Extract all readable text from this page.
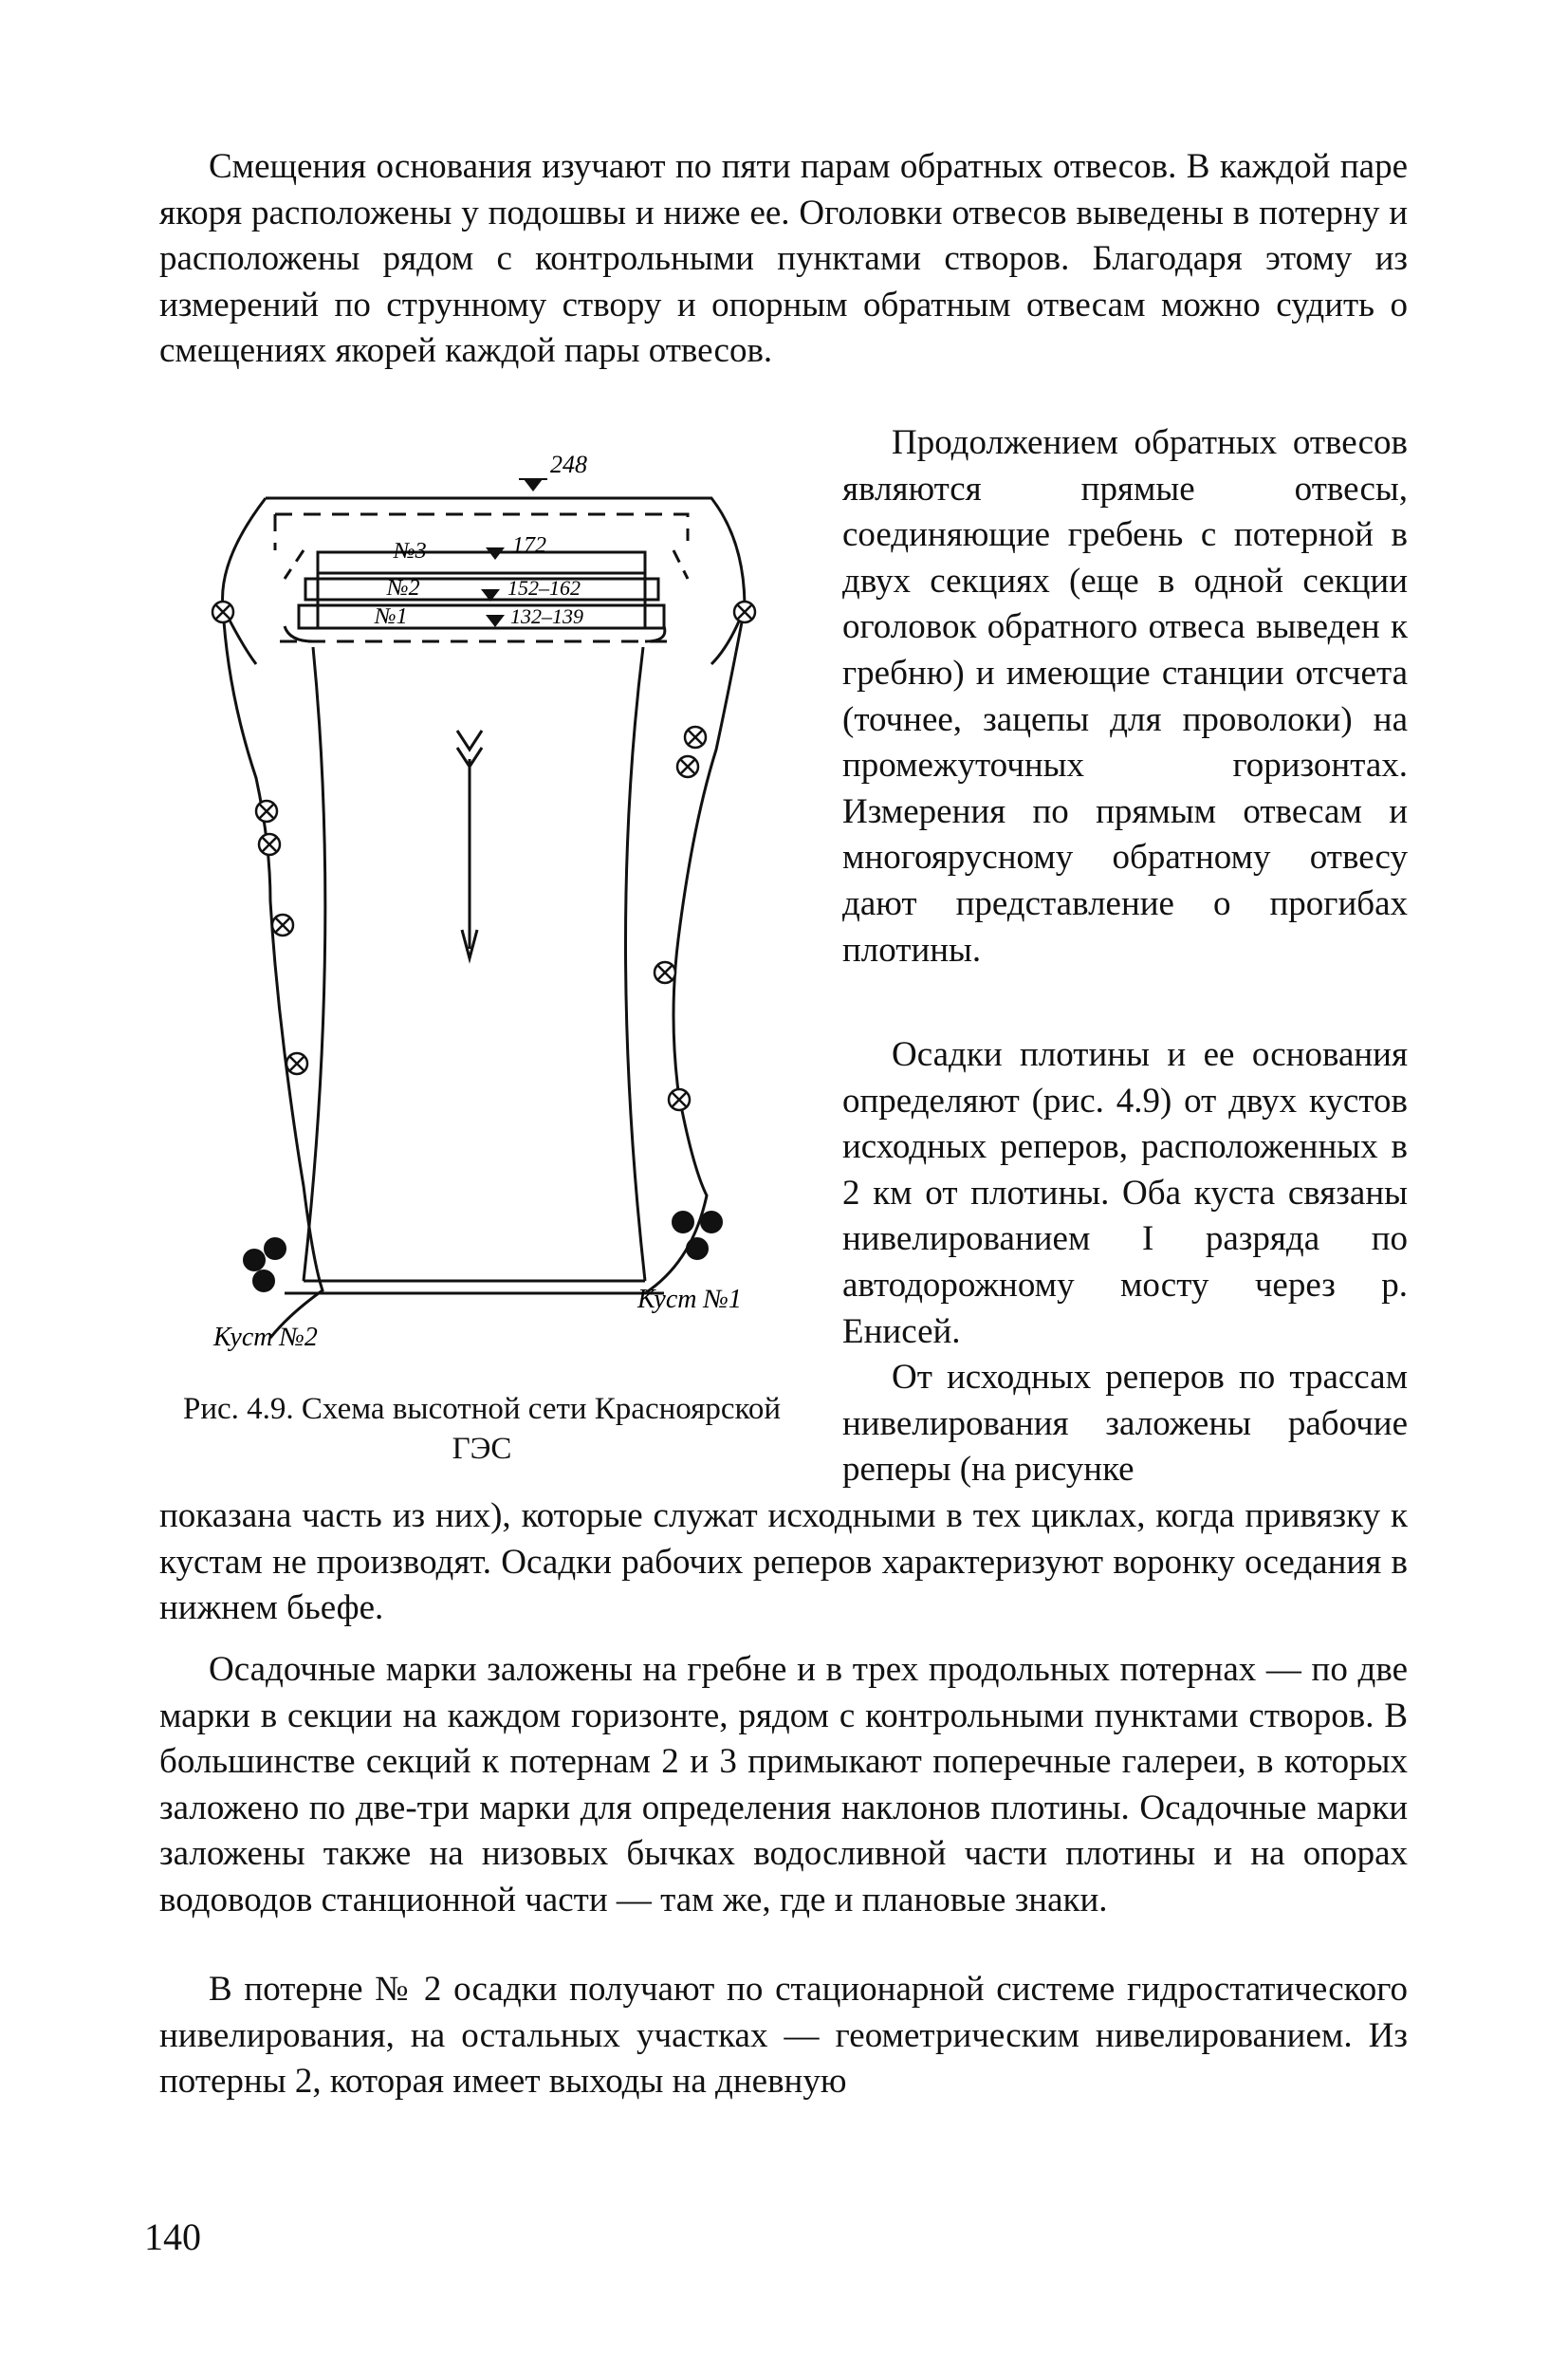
Смещения основания изучают по пяти парам обратных отвесов. В каждой паре якоря расположены у подошвы и ниже ее. Оголовки отвесов выведены в потерну и расположены рядом с контрольными пунктами створов. Благодаря этому из измерений по струнному створу и опорным обратным отвесам можно судить о смещениях якорей каждой пары отвесов.

248
№3	172
№2	152–162
№1	132–139
Куст №1
Куст №2

Рис. 4.9. Схема высотной сети Красноярской ГЭС

Продолжением обратных отвесов являются прямые отвесы, соединяющие гребень с потерной в двух секциях (еще в одной секции оголовок обратного отвеса выведен к гребню) и имеющие станции отсчета (точнее, зацепы для проволоки) на промежуточных горизонтах. Измерения по прямым отвесам и многоярусному обратному отвесу дают представление о прогибах плотины.

Осадки плотины и ее основания определяют (рис. 4.9) от двух кустов исходных реперов, расположенных в 2 км от плотины. Оба куста связаны нивелированием I разряда по автодорожному мосту через р. Енисей.

От исходных реперов по трассам нивелирования заложены рабочие реперы (на рисунке

показана часть из них), которые служат исходными в тех циклах, когда привязку к кустам не производят. Осадки рабочих реперов характеризуют воронку оседания в нижнем бьефе.

Осадочные марки заложены на гребне и в трех продольных потернах — по две марки в секции на каждом горизонте, рядом с контрольными пунктами створов. В большинстве секций к потернам 2 и 3 примыкают поперечные галереи, в которых заложено по две-три марки для определения наклонов плотины. Осадочные марки заложены также на низовых бычках водосливной части плотины и на опорах водоводов станционной части — там же, где и плановые знаки.

В потерне № 2 осадки получают по стационарной системе гидростатического нивелирования, на остальных участках — геометрическим нивелированием. Из потерны 2, которая имеет выходы на дневную

140
